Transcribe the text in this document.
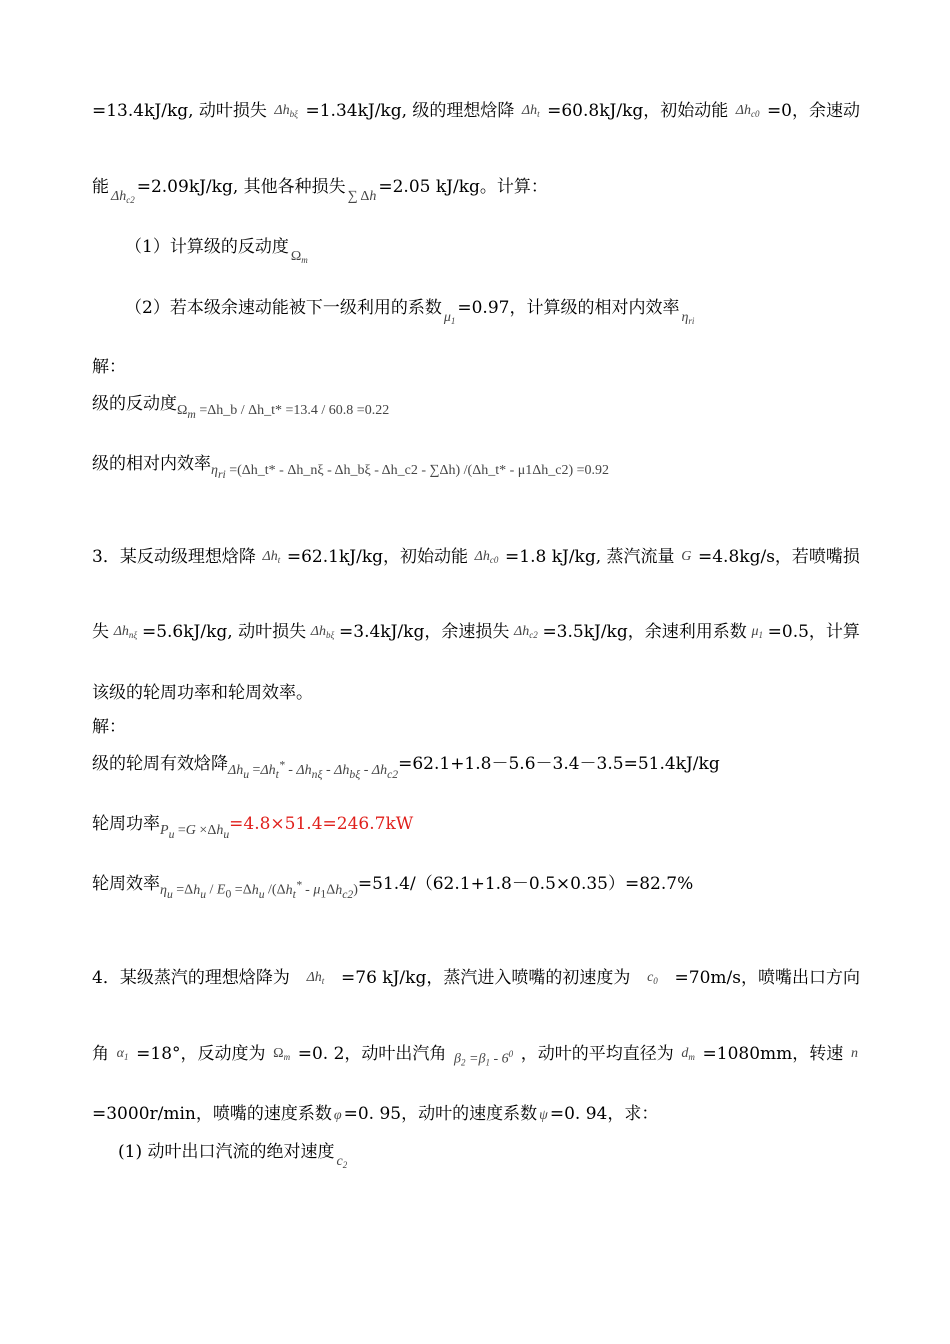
=13.4kJ/kg, 动叶损失 $\Delta h_{b\xi} =1.34kJ/kg$, 级的理想焓降 $\Delta h_t =60.8kJ/kg$，初始动能 $\Delta h_{c0} =0$，余速动
能 $\Delta h_{c2}=2.09kJ/kg$, 其他各种损失 ∑ Δh =2.05 kJ/kg。计算：
（1）计算级的反动度 $\Omega_m$
（2）若本级余速动能被下一级利用的系数 $\mu_1=0.97$，计算级的相对内效率 $\eta_{ri}$
解：
级的反动度$\Omega_m$ =Δh_b / Δh_t* =13.4 / 60.8 =0.22
级的相对内效率$\eta_{ri}$ =(Δh_t* - Δh_nξ - Δh_bξ - Δh_c2 - ∑Δh) /(Δh_t* - μ1Δh_c2) =0.92
3．某反动级理想焓降 $\Delta h_t =62.1kJ/kg$，初始动能 $\Delta h_{c0} =1.8$ kJ/kg, 蒸汽流量 G =4.8kg/s，若喷嘴损
失 $\Delta h_{n\xi} =5.6kJ/kg$, 动叶损失 $\Delta h_{b\xi} =3.4kJ/kg$，余速损失 $\Delta h_{c2} =3.5kJ/kg$，余速利用系数 $\mu_1 =0.5$，计算
该级的轮周功率和轮周效率。
解：
级的轮周有效焓降$\Delta h_u =\Delta h_t^* - \Delta h_{n\xi} - \Delta h_{b\xi} - \Delta h_{c2}=62.1+1.8-5.6-3.4-3.5=51.4kJ/kg$
轮周功率$P_u =G \times\Delta h_u=4.8\times 51.4=246.7kW$
轮周效率$\eta_u =\Delta h_u / E_0 =\Delta h_u$ $/(\Delta h_t^* - \mu_1\Delta h_{c2})=51.4/(62.1+1.8-0.5\times 0.35)=82.7\%$
4．某级蒸汽的理想焓降为 $\Delta h_t =76$ kJ/kg，蒸汽进入喷嘴的初速度为 $c_0 =70m/s$，喷嘴出口方向
角 $\alpha_1 =18^\circ$，反动度为 $\Omega_m =0$. 2，动叶出汽角 $\beta_2 =\beta_1 - 6^0$ ，动叶的平均直径为 $d_m =1080mm$，转速 n
=3000r/min，喷嘴的速度系数 φ =0. 95，动叶的速度系数 ψ =0. 94，求：
(1) 动叶出口汽流的绝对速度 $c_2$
